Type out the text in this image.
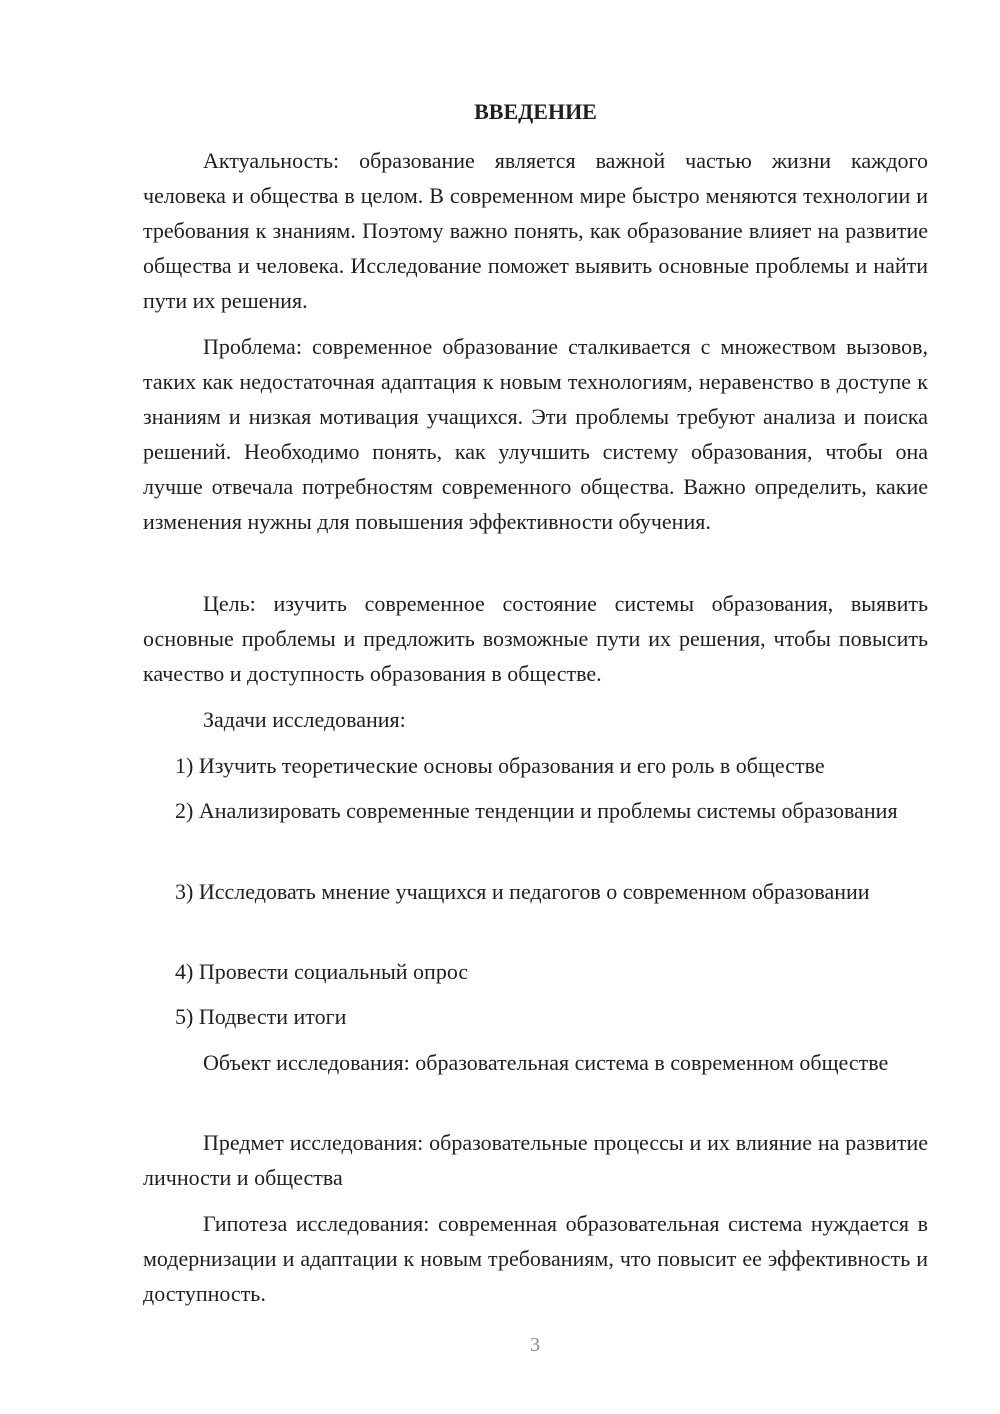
ВВЕДЕНИЕ

Актуальность: образование является важной частью жизни каждого человека и общества в целом. В современном мире быстро меняются технологии и требования к знаниям. Поэтому важно понять, как образование влияет на развитие общества и человека. Исследование поможет выявить основные проблемы и найти пути их решения.

Проблема: современное образование сталкивается с множеством вызовов, таких как недостаточная адаптация к новым технологиям, неравенство в доступе к знаниям и низкая мотивация учащихся. Эти проблемы требуют анализа и поиска решений. Необходимо понять, как улучшить систему образования, чтобы она лучше отвечала потребностям современного общества. Важно определить, какие изменения нужны для повышения эффективности обучения.

Цель: изучить современное состояние системы образования, выявить основные проблемы и предложить возможные пути их решения, чтобы повысить качество и доступность образования в обществе.

Задачи исследования:

1) Изучить теоретические основы образования и его роль в обществе

2) Анализировать современные тенденции и проблемы системы образования

3) Исследовать мнение учащихся и педагогов о современном образовании

4) Провести социальный опрос

5) Подвести итоги

Объект исследования: образовательная система в современном обществе

Предмет исследования: образовательные процессы и их влияние на развитие личности и общества

Гипотеза исследования: современная образовательная система нуждается в модернизации и адаптации к новым требованиям, что повысит ее эффективность и доступность.

3
